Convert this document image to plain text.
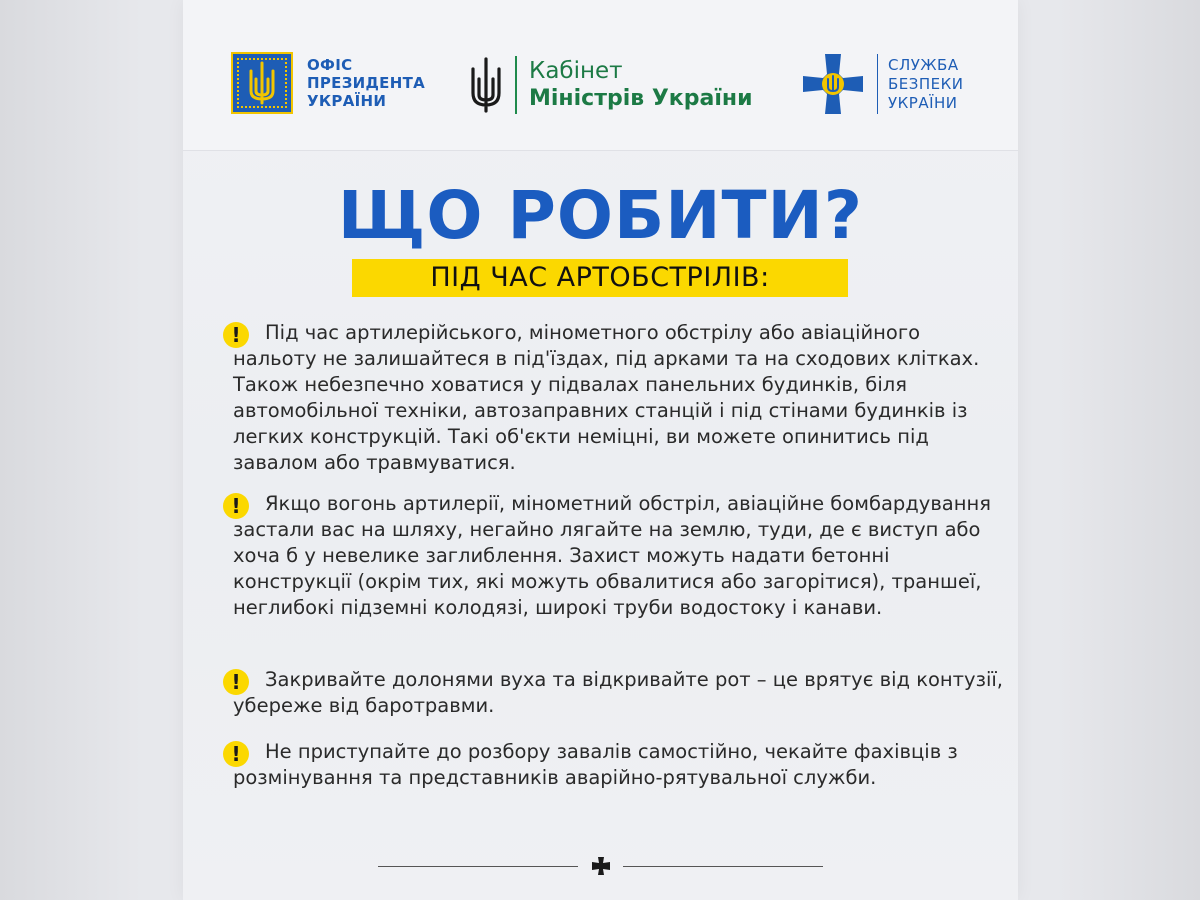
ОФІС
ПРЕЗИДЕНТА
УКРАЇНИ
Кабінет
Міністрів України
СЛУЖБА
БЕЗПЕКИ
УКРАЇНИ
ЩО РОБИТИ?
ПІД ЧАС АРТОБСТРІЛІВ:
!	Під час артилерійського, мінометного обстрілу або авіаційного нальоту не залишайтеся в під'їздах, під арками та на сходових клітках. Також небезпечно ховатися у підвалах панельних будинків, біля автомобільної техніки, автозаправних станцій і під стінами будинків із легких конструкцій. Такі об'єкти неміцні, ви можете опинитись під завалом або травмуватися.
!	Якщо вогонь артилерії, мінометний обстріл, авіаційне бомбардування застали вас на шляху, негайно лягайте на землю, туди, де є виступ або хоча б у невелике заглиблення. Захист можуть надати бетонні конструкції (окрім тих, які можуть обвалитися або загорітися), траншеї, неглибокі підземні колодязі, широкі труби водостоку і канави.
!	Закривайте долонями вуха та відкривайте рот – це врятує від контузії, убереже від баротравми.
!	Не приступайте до розбору завалів самостійно, чекайте фахівців з розмінування та представників аварійно-рятувальної служби.
